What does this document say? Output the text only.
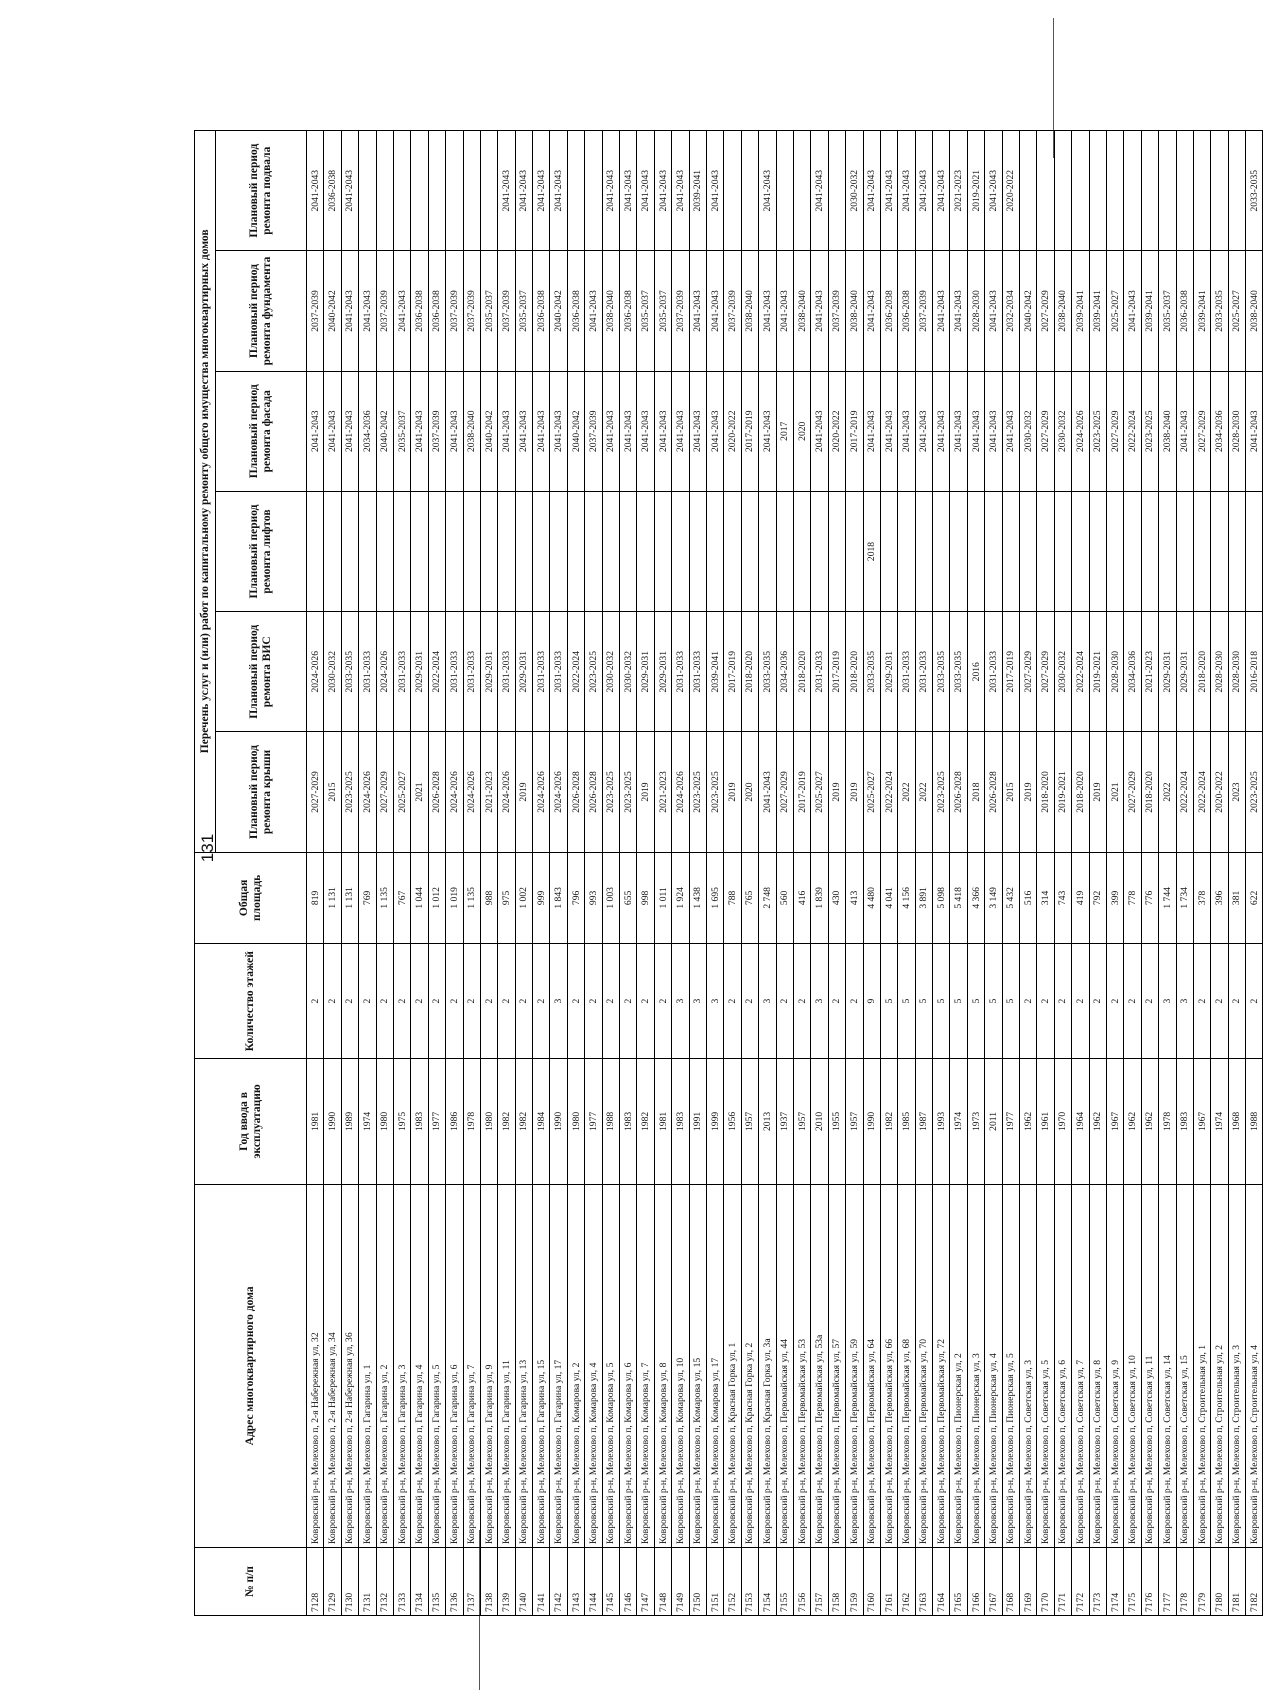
131
№ п/п	Адрес многоквартирного дома	Год ввода в эксплуатацию	Количество этажей	Общая площадь	Перечень услуг и (или) работ по капитальному ремонту общего имущества многоквартирных домов					
					Плановый период ремонта крыши	Плановый период ремонта ВИС	Плановый период ремонта лифтов	Плановый период ремонта фасада	Плановый период ремонта фундамента	Плановый период ремонта подвала
7128	Ковровский р-н, Мелехово п, 2-я Набережная ул, 32	1981	2	819	2027-2029	2024-2026		2041-2043	2037-2039	2041-2043
7129	Ковровский р-н, Мелехово п, 2-я Набережная ул, 34	1990	2	1 131	2015	2030-2032		2041-2043	2040-2042	2036-2038
7130	Ковровский р-н, Мелехово п, 2-я Набережная ул, 36	1989	2	1 131	2023-2025	2033-2035		2041-2043	2041-2043	2041-2043
7131	Ковровский р-н, Мелехово п, Гагарина ул, 1	1974	2	769	2024-2026	2031-2033		2034-2036	2041-2043	
7132	Ковровский р-н, Мелехово п, Гагарина ул, 2	1980	2	1 135	2027-2029	2024-2026		2040-2042	2037-2039	
7133	Ковровский р-н, Мелехово п, Гагарина ул, 3	1975	2	767	2025-2027	2031-2033		2035-2037	2041-2043	
7134	Ковровский р-н, Мелехово п, Гагарина ул, 4	1983	2	1 044	2021	2029-2031		2041-2043	2036-2038	
7135	Ковровский р-н, Мелехово п, Гагарина ул, 5	1977	2	1 012	2026-2028	2022-2024		2037-2039	2036-2038	
7136	Ковровский р-н, Мелехово п, Гагарина ул, 6	1986	2	1 019	2024-2026	2031-2033		2041-2043	2037-2039	
7137	Ковровский р-н, Мелехово п, Гагарина ул, 7	1978	2	1 135	2024-2026	2031-2033		2038-2040	2037-2039	
7138	Ковровский р-н, Мелехово п, Гагарина ул, 9	1980	2	988	2021-2023	2029-2031		2040-2042	2035-2037	
7139	Ковровский р-н, Мелехово п, Гагарина ул, 11	1982	2	975	2024-2026	2031-2033		2041-2043	2037-2039	2041-2043
7140	Ковровский р-н, Мелехово п, Гагарина ул, 13	1982	2	1 002	2019	2029-2031		2041-2043	2035-2037	2041-2043
7141	Ковровский р-н, Мелехово п, Гагарина ул, 15	1984	2	999	2024-2026	2031-2033		2041-2043	2036-2038	2041-2043
7142	Ковровский р-н, Мелехово п, Гагарина ул, 17	1990	3	1 843	2024-2026	2031-2033		2041-2043	2040-2042	2041-2043
7143	Ковровский р-н, Мелехово п, Комарова ул, 2	1980	2	796	2026-2028	2022-2024		2040-2042	2036-2038	
7144	Ковровский р-н, Мелехово п, Комарова ул, 4	1977	2	993	2026-2028	2023-2025		2037-2039	2041-2043	
7145	Ковровский р-н, Мелехово п, Комарова ул, 5	1988	2	1 003	2023-2025	2030-2032		2041-2043	2038-2040	2041-2043
7146	Ковровский р-н, Мелехово п, Комарова ул, 6	1983	2	655	2023-2025	2030-2032		2041-2043	2036-2038	2041-2043
7147	Ковровский р-н, Мелехово п, Комарова ул, 7	1982	2	998	2019	2029-2031		2041-2043	2035-2037	2041-2043
7148	Ковровский р-н, Мелехово п, Комарова ул, 8	1981	2	1 011	2021-2023	2029-2031		2041-2043	2035-2037	2041-2043
7149	Ковровский р-н, Мелехово п, Комарова ул, 10	1983	3	1 924	2024-2026	2031-2033		2041-2043	2037-2039	2041-2043
7150	Ковровский р-н, Мелехово п, Комарова ул, 15	1991	3	1 438	2023-2025	2031-2033		2041-2043	2041-2043	2039-2041
7151	Ковровский р-н, Мелехово п, Комарова ул, 17	1999	3	1 695	2023-2025	2039-2041		2041-2043	2041-2043	2041-2043
7152	Ковровский р-н, Мелехово п, Красная Горка ул, 1	1956	2	788	2019	2017-2019		2020-2022	2037-2039	
7153	Ковровский р-н, Мелехово п, Красная Горка ул, 2	1957	2	765	2020	2018-2020		2017-2019	2038-2040	
7154	Ковровский р-н, Мелехово п, Красная Горка ул, 3а	2013	3	2 748	2041-2043	2033-2035		2041-2043	2041-2043	2041-2043
7155	Ковровский р-н, Мелехово п, Первомайская ул, 44	1937	2	560	2027-2029	2034-2036		2017	2041-2043	
7156	Ковровский р-н, Мелехово п, Первомайская ул, 53	1957	2	416	2017-2019	2018-2020		2020	2038-2040	
7157	Ковровский р-н, Мелехово п, Первомайская ул, 53а	2010	3	1 839	2025-2027	2031-2033		2041-2043	2041-2043	2041-2043
7158	Ковровский р-н, Мелехово п, Первомайская ул, 57	1955	2	430	2019	2017-2019		2020-2022	2037-2039	
7159	Ковровский р-н, Мелехово п, Первомайская ул, 59	1957	2	413	2019	2018-2020		2017-2019	2038-2040	2030-2032
7160	Ковровский р-н, Мелехово п, Первомайская ул, 64	1990	9	4 480	2025-2027	2033-2035	2018	2041-2043	2041-2043	2041-2043
7161	Ковровский р-н, Мелехово п, Первомайская ул, 66	1982	5	4 041	2022-2024	2029-2031		2041-2043	2036-2038	2041-2043
7162	Ковровский р-н, Мелехово п, Первомайская ул, 68	1985	5	4 156	2022	2031-2033		2041-2043	2036-2038	2041-2043
7163	Ковровский р-н, Мелехово п, Первомайская ул, 70	1987	5	3 891	2022	2031-2033		2041-2043	2037-2039	2041-2043
7164	Ковровский р-н, Мелехово п, Первомайская ул, 72	1993	5	5 098	2023-2025	2033-2035		2041-2043	2041-2043	2041-2043
7165	Ковровский р-н, Мелехово п, Пионерская ул, 2	1974	5	5 418	2026-2028	2033-2035		2041-2043	2041-2043	2021-2023
7166	Ковровский р-н, Мелехово п, Пионерская ул, 3	1973	5	4 366	2018	2016		2041-2043	2028-2030	2019-2021
7167	Ковровский р-н, Мелехово п, Пионерская ул, 4	2011	5	3 149	2026-2028	2031-2033		2041-2043	2041-2043	2041-2043
7168	Ковровский р-н, Мелехово п, Пионерская ул, 5	1977	5	5 432	2015	2017-2019		2041-2043	2032-2034	2020-2022
7169	Ковровский р-н, Мелехово п, Советская ул, 3	1962	2	516	2019	2027-2029		2030-2032	2040-2042	
7170	Ковровский р-н, Мелехово п, Советская ул, 5	1961	2	314	2018-2020	2027-2029		2027-2029	2027-2029	
7171	Ковровский р-н, Мелехово п, Советская ул, 6	1970	2	743	2019-2021	2030-2032		2030-2032	2038-2040	
7172	Ковровский р-н, Мелехово п, Советская ул, 7	1964	2	419	2018-2020	2022-2024		2024-2026	2039-2041	
7173	Ковровский р-н, Мелехово п, Советская ул, 8	1962	2	792	2019	2019-2021		2023-2025	2039-2041	
7174	Ковровский р-н, Мелехово п, Советская ул, 9	1967	2	399	2021	2028-2030		2027-2029	2025-2027	
7175	Ковровский р-н, Мелехово п, Советская ул, 10	1962	2	778	2027-2029	2034-2036		2022-2024	2041-2043	
7176	Ковровский р-н, Мелехово п, Советская ул, 11	1962	2	776	2018-2020	2021-2023		2023-2025	2039-2041	
7177	Ковровский р-н, Мелехово п, Советская ул, 14	1978	3	1 744	2022	2029-2031		2038-2040	2035-2037	
7178	Ковровский р-н, Мелехово п, Советская ул, 15	1983	3	1 734	2022-2024	2029-2031		2041-2043	2036-2038	
7179	Ковровский р-н, Мелехово п, Строительная ул, 1	1967	2	378	2022-2024	2018-2020		2027-2029	2039-2041	
7180	Ковровский р-н, Мелехово п, Строительная ул, 2	1974	2	396	2020-2022	2028-2030		2034-2036	2033-2035	
7181	Ковровский р-н, Мелехово п, Строительная ул, 3	1968	2	381	2023	2028-2030		2028-2030	2025-2027	
7182	Ковровский р-н, Мелехово п, Строительная ул, 4	1988	2	622	2023-2025	2016-2018		2041-2043	2038-2040	2033-2035
